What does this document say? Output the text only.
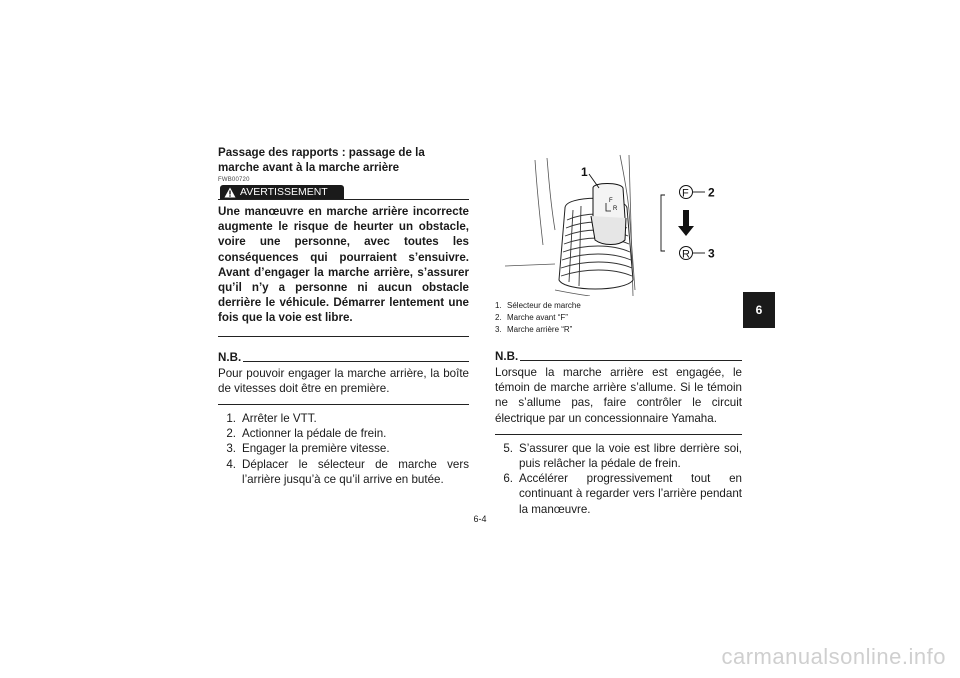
Passage des rapports : passage de la marche avant à la marche arrière

FWB00720
AVERTISSEMENT

Une manœuvre en marche arrière incorrecte augmente le risque de heurter un obstacle, voire une personne, avec toutes les conséquences qui pourraient s’ensuivre. Avant d’engager la marche arrière, s’assurer qu’il n’y a personne ni aucun obstacle derrière le véhicule. Démarrer lentement une fois que la voie est libre.

N.B.

Pour pouvoir engager la marche arrière, la boîte de vitesses doit être en première.

1. Arrêter le VTT.
2. Actionner la pédale de frein.
3. Engager la première vitesse.
4. Déplacer le sélecteur de marche vers l’arrière jusqu’à ce qu’il arrive en butée.
F
R
1
F 2
R 3
1. Sélecteur de marche
2. Marche avant “F”
3. Marche arrière “R”
N.B.

Lorsque la marche arrière est engagée, le témoin de marche arrière s’allume. Si le témoin ne s’allume pas, faire contrôler le circuit électrique par un concessionnaire Yamaha.

5. S’assurer que la voie est libre derrière soi, puis relâcher la pédale de frein.
6. Accélérer progressivement tout en continuant à regarder vers l’arrière pendant la manœuvre.
6
6-4
carmanualsonline.info
